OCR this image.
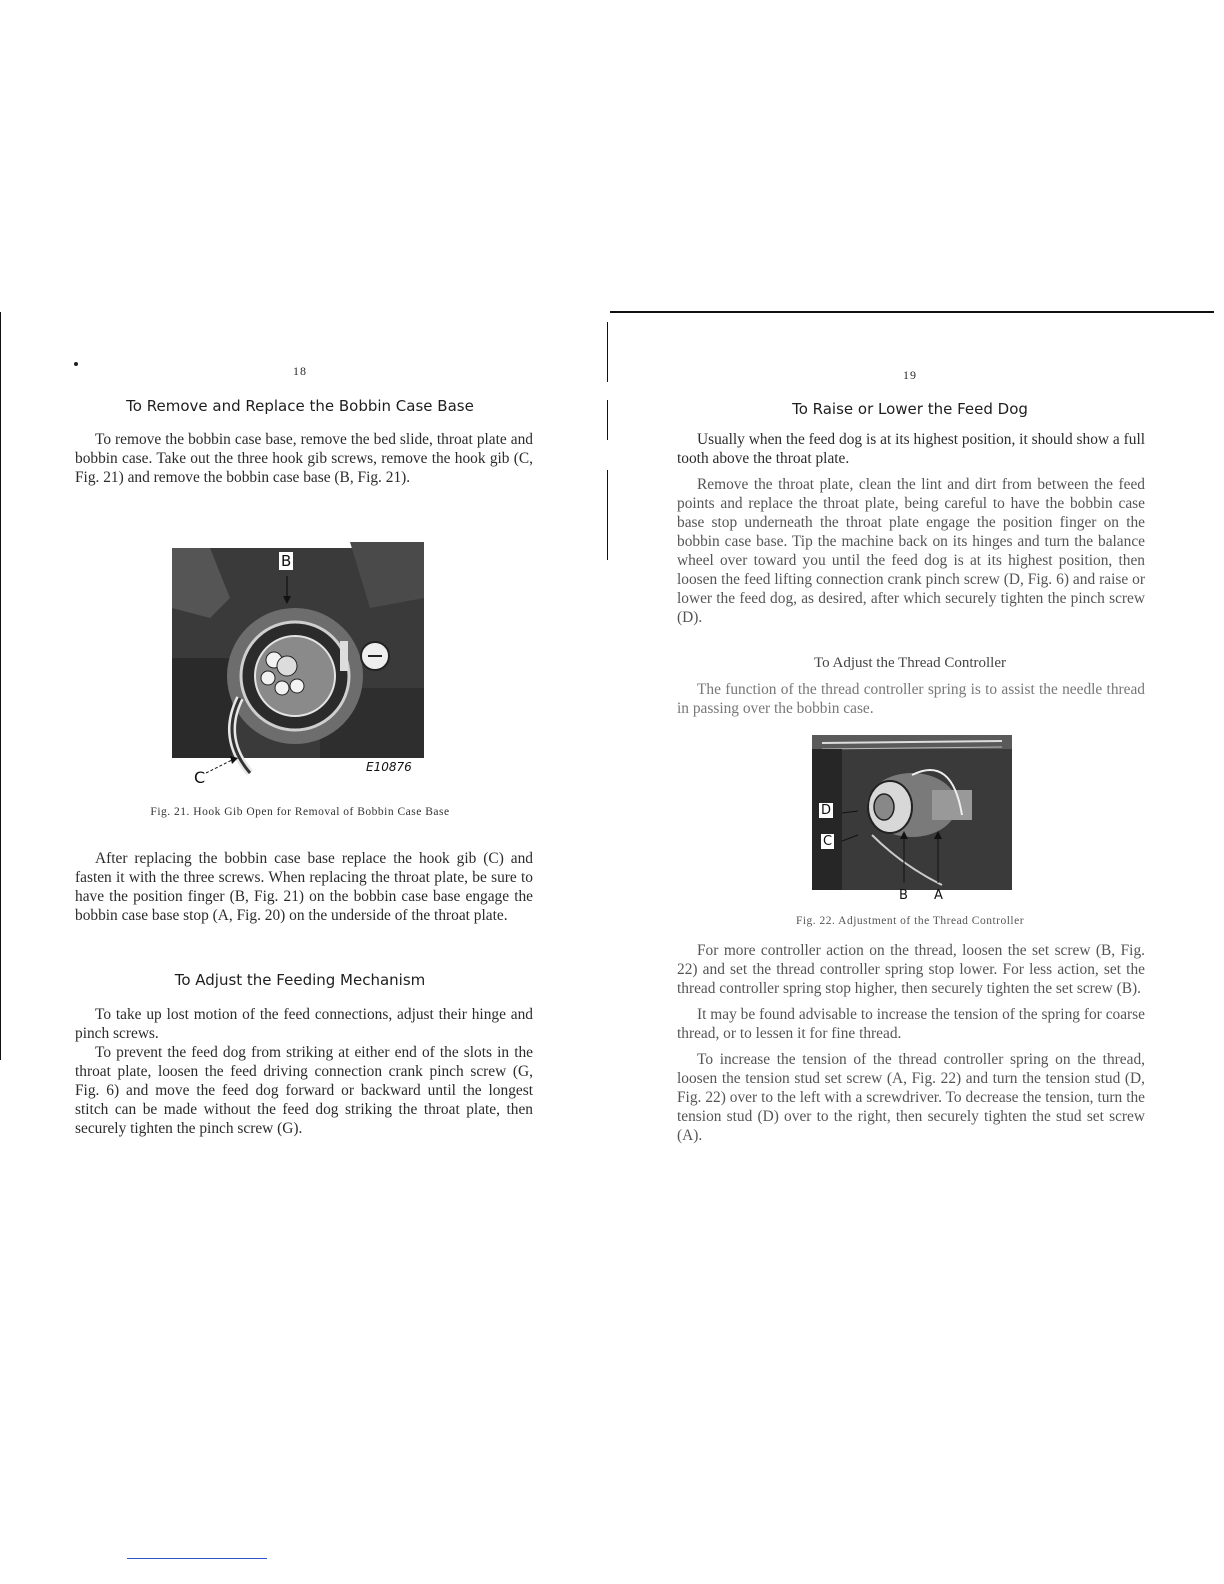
18
To Remove and Replace the Bobbin Case Base

To remove the bobbin case base, remove the bed slide, throat plate and bobbin case. Take out the three hook gib screws, remove the hook gib (C, Fig. 21) and remove the bobbin case base (B, Fig. 21).

B
C
E10876
Fig. 21. Hook Gib Open for Removal of Bobbin Case Base

After replacing the bobbin case base replace the hook gib (C) and fasten it with the three screws. When replacing the throat plate, be sure to have the position finger (B, Fig. 21) on the bobbin case base engage the bobbin case base stop (A, Fig. 20) on the underside of the throat plate.

To Adjust the Feeding Mechanism

To take up lost motion of the feed connections, adjust their hinge and pinch screws.

To prevent the feed dog from striking at either end of the slots in the throat plate, loosen the feed driving connection crank pinch screw (G, Fig. 6) and move the feed dog forward or backward until the longest stitch can be made without the feed dog striking the throat plate, then securely tighten the pinch screw (G).

19
To Raise or Lower the Feed Dog

Usually when the feed dog is at its highest position, it should show a full tooth above the throat plate.

Remove the throat plate, clean the lint and dirt from between the feed points and replace the throat plate, being careful to have the bobbin case base stop underneath the throat plate engage the position finger on the bobbin case base. Tip the machine back on its hinges and turn the balance wheel over toward you until the feed dog is at its highest position, then loosen the feed lifting connection crank pinch screw (D, Fig. 6) and raise or lower the feed dog, as desired, after which securely tighten the pinch screw (D).

To Adjust the Thread Controller

The function of the thread controller spring is to assist the needle thread in passing over the bobbin case.

D
C
B A
Fig. 22. Adjustment of the Thread Controller

For more controller action on the thread, loosen the set screw (B, Fig. 22) and set the thread controller spring stop lower. For less action, set the thread controller spring stop higher, then securely tighten the set screw (B).

It may be found advisable to increase the tension of the spring for coarse thread, or to lessen it for fine thread.

To increase the tension of the thread controller spring on the thread, loosen the tension stud set screw (A, Fig. 22) and turn the tension stud (D, Fig. 22) over to the left with a screwdriver. To decrease the tension, turn the tension stud (D) over to the right, then securely tighten the stud set screw (A).
